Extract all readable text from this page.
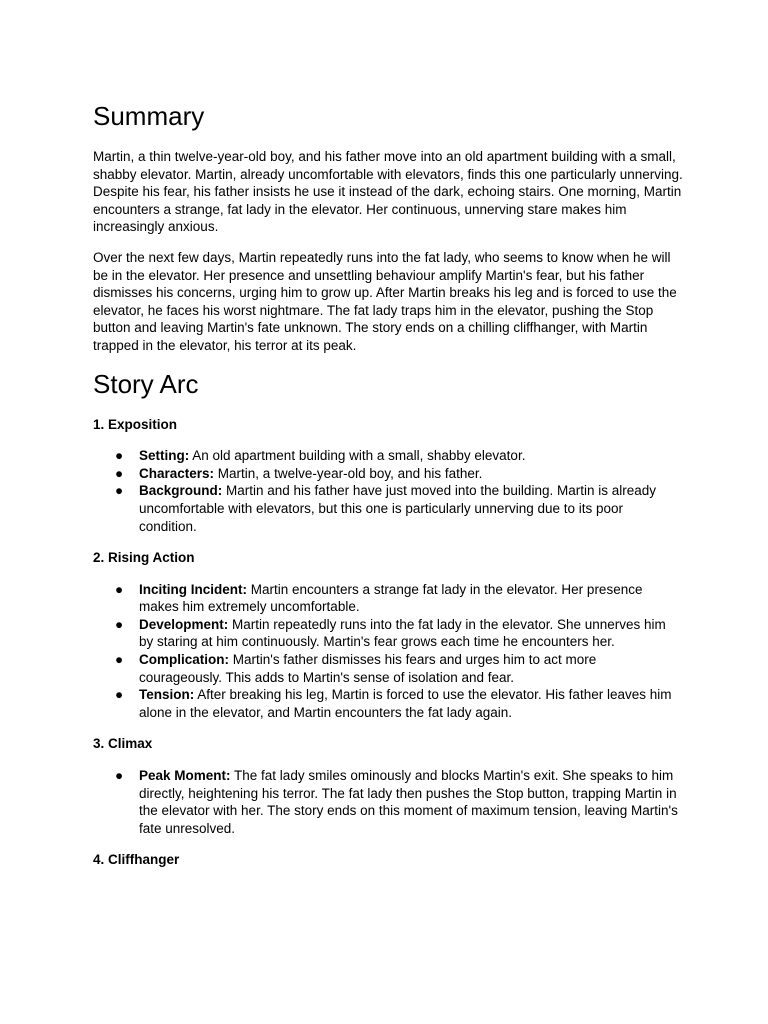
Summary

Martin, a thin twelve-year-old boy, and his father move into an old apartment building with a small, shabby elevator. Martin, already uncomfortable with elevators, finds this one particularly unnerving. Despite his fear, his father insists he use it instead of the dark, echoing stairs. One morning, Martin encounters a strange, fat lady in the elevator. Her continuous, unnerving stare makes him increasingly anxious.

Over the next few days, Martin repeatedly runs into the fat lady, who seems to know when he will be in the elevator. Her presence and unsettling behaviour amplify Martin's fear, but his father dismisses his concerns, urging him to grow up. After Martin breaks his leg and is forced to use the elevator, he faces his worst nightmare. The fat lady traps him in the elevator, pushing the Stop button and leaving Martin's fate unknown. The story ends on a chilling cliffhanger, with Martin trapped in the elevator, his terror at its peak.

Story Arc
1. Exposition
● Setting: An old apartment building with a small, shabby elevator.
● Characters: Martin, a twelve-year-old boy, and his father.
● Background: Martin and his father have just moved into the building. Martin is already uncomfortable with elevators, but this one is particularly unnerving due to its poor condition.
2. Rising Action
● Inciting Incident: Martin encounters a strange fat lady in the elevator. Her presence makes him extremely uncomfortable.
● Development: Martin repeatedly runs into the fat lady in the elevator. She unnerves him by staring at him continuously. Martin's fear grows each time he encounters her.
● Complication: Martin's father dismisses his fears and urges him to act more courageously. This adds to Martin's sense of isolation and fear.
● Tension: After breaking his leg, Martin is forced to use the elevator. His father leaves him alone in the elevator, and Martin encounters the fat lady again.
3. Climax
● Peak Moment: The fat lady smiles ominously and blocks Martin's exit. She speaks to him directly, heightening his terror. The fat lady then pushes the Stop button, trapping Martin in the elevator with her. The story ends on this moment of maximum tension, leaving Martin's fate unresolved.
4. Cliffhanger
